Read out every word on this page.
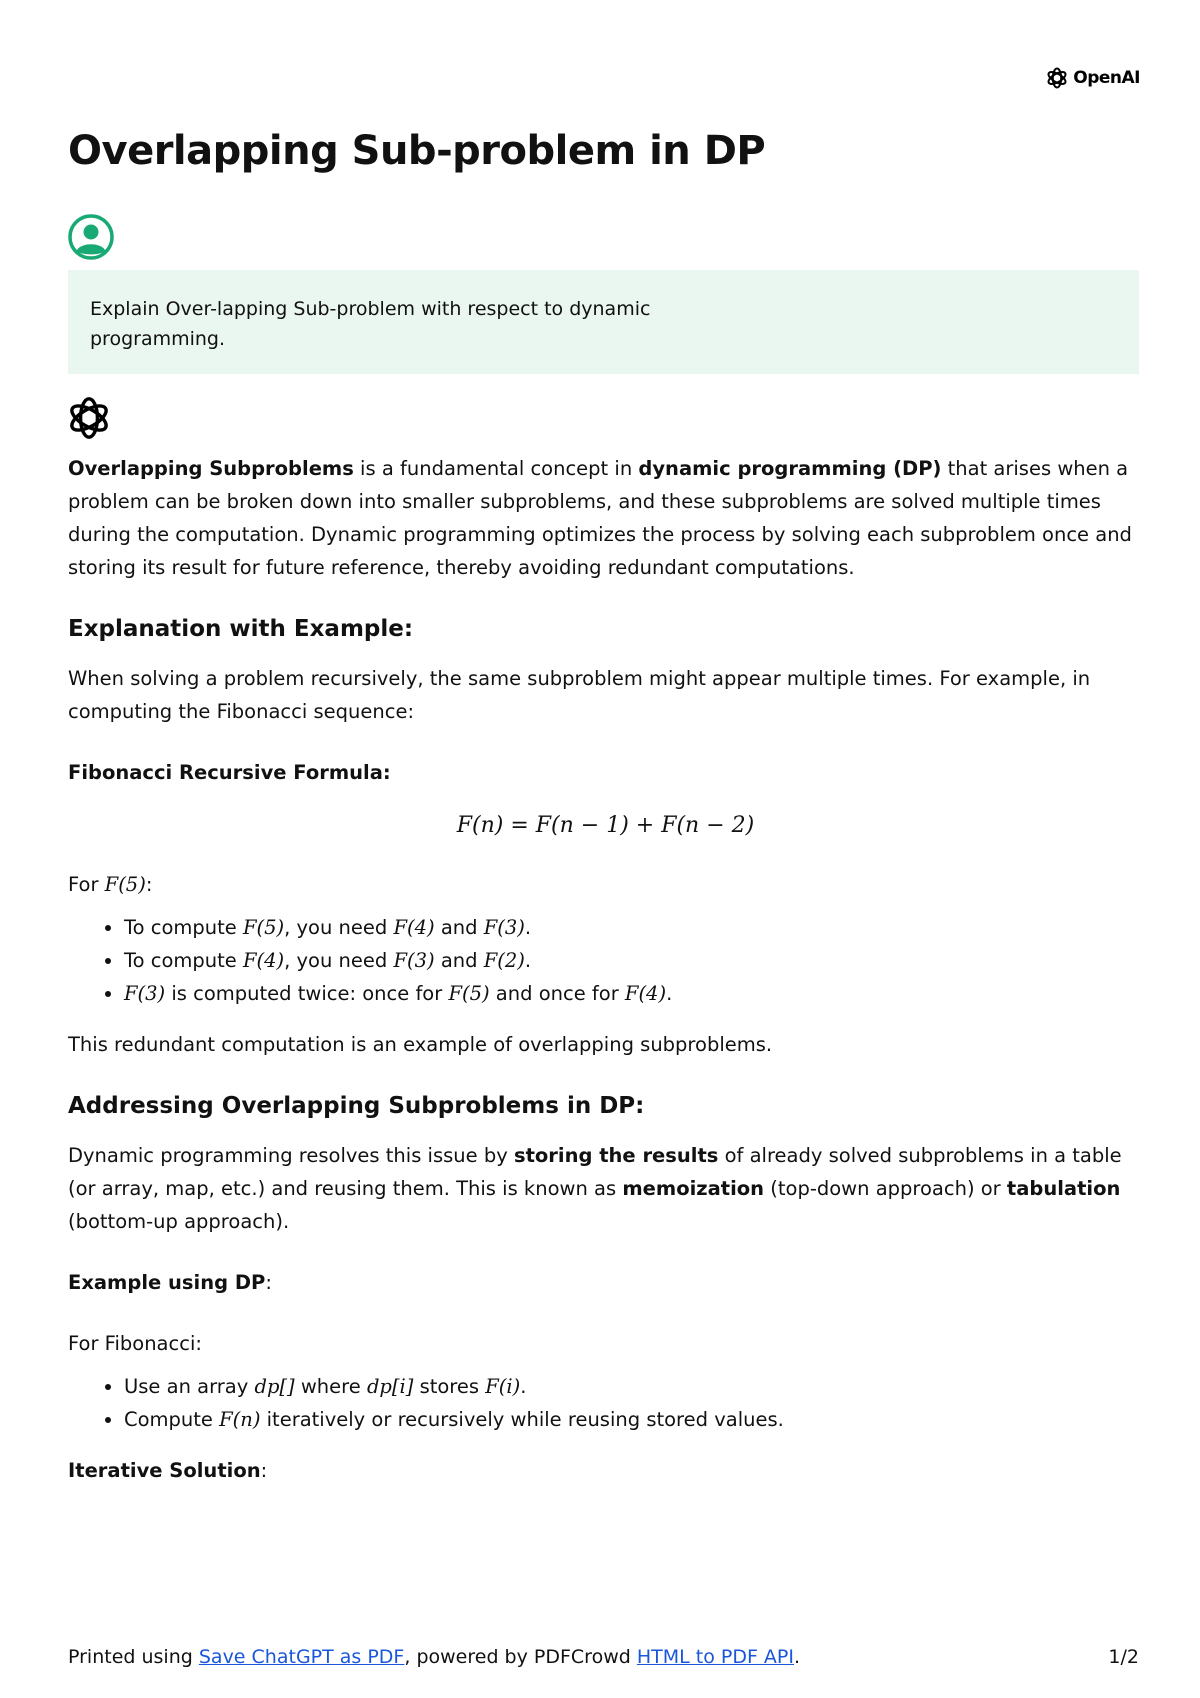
OpenAI
Overlapping Sub-problem in DP

Explain Over-lapping Sub-problem with respect to dynamic programming.

Overlapping Subproblems is a fundamental concept in dynamic programming (DP) that arises when a problem can be broken down into smaller subproblems, and these subproblems are solved multiple times during the computation. Dynamic programming optimizes the process by solving each subproblem once and storing its result for future reference, thereby avoiding redundant computations.

Explanation with Example:

When solving a problem recursively, the same subproblem might appear multiple times. For example, in computing the Fibonacci sequence:

Fibonacci Recursive Formula:

F(n) = F(n − 1) + F(n − 2)

For F(5):

• To compute F(5), you need F(4) and F(3).
• To compute F(4), you need F(3) and F(2).
• F(3) is computed twice: once for F(5) and once for F(4).

This redundant computation is an example of overlapping subproblems.

Addressing Overlapping Subproblems in DP:

Dynamic programming resolves this issue by storing the results of already solved subproblems in a table (or array, map, etc.) and reusing them. This is known as memoization (top-down approach) or tabulation (bottom-up approach).

Example using DP:

For Fibonacci:

• Use an array dp[] where dp[i] stores F(i).
• Compute F(n) iteratively or recursively while reusing stored values.

Iterative Solution:

Printed using Save ChatGPT as PDF, powered by PDFCrowd HTML to PDF API.	1/2
